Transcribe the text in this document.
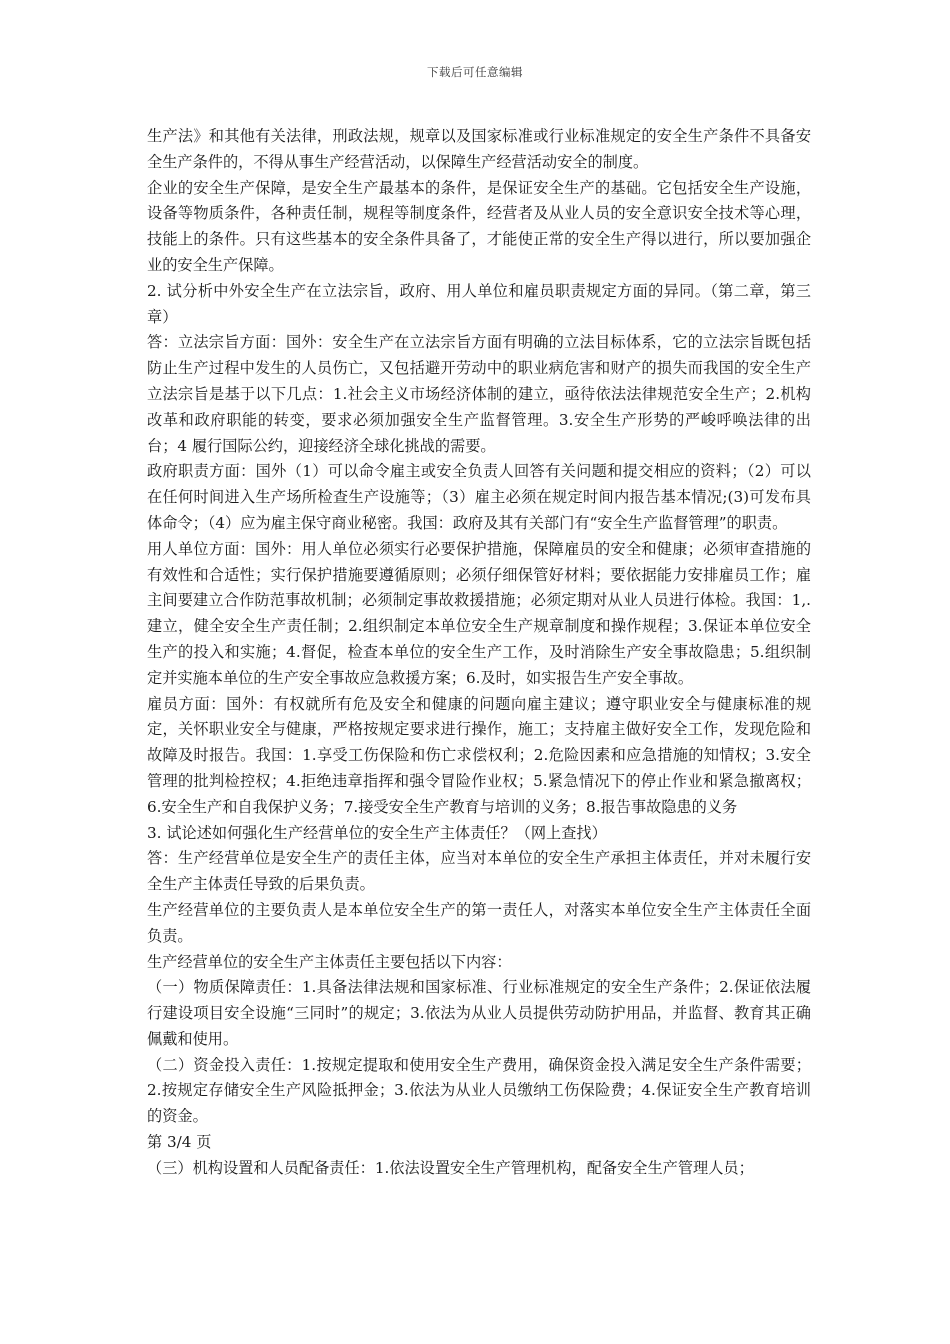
下载后可任意编辑

生产法》和其他有关法律，刑政法规，规章以及国家标准或行业标准规定的安全生产条件不具备安全生产条件的，不得从事生产经营活动，以保障生产经营活动安全的制度。

企业的安全生产保障，是安全生产最基本的条件，是保证安全生产的基础。它包括安全生产设施，设备等物质条件，各种责任制，规程等制度条件，经营者及从业人员的安全意识安全技术等心理，技能上的条件。只有这些基本的安全条件具备了，才能使正常的安全生产得以进行，所以要加强企业的安全生产保障。

2. 试分析中外安全生产在立法宗旨，政府、用人单位和雇员职责规定方面的异同。（第二章，第三章）

答：立法宗旨方面：国外：安全生产在立法宗旨方面有明确的立法目标体系，它的立法宗旨既包括防止生产过程中发生的人员伤亡，又包括避开劳动中的职业病危害和财产的损失而我国的安全生产立法宗旨是基于以下几点：1.社会主义市场经济体制的建立，亟待依法法律规范安全生产；2.机构改革和政府职能的转变，要求必须加强安全生产监督管理。3.安全生产形势的严峻呼唤法律的出台；4 履行国际公约，迎接经济全球化挑战的需要。

政府职责方面：国外（1）可以命令雇主或安全负责人回答有关问题和提交相应的资料；（2）可以在任何时间进入生产场所检查生产设施等；（3）雇主必须在规定时间内报告基本情况;(3)可发布具体命令；（4）应为雇主保守商业秘密。我国：政府及其有关部门有“安全生产监督管理”的职责。

用人单位方面：国外：用人单位必须实行必要保护措施，保障雇员的安全和健康；必须审查措施的有效性和合适性；实行保护措施要遵循原则；必须仔细保管好材料；要依据能力安排雇员工作；雇主间要建立合作防范事故机制；必须制定事故救援措施；必须定期对从业人员进行体检。我国：1,.建立，健全安全生产责任制；2.组织制定本单位安全生产规章制度和操作规程；3.保证本单位安全生产的投入和实施；4.督促，检查本单位的安全生产工作，及时消除生产安全事故隐患；5.组织制定并实施本单位的生产安全事故应急救援方案；6.及时，如实报告生产安全事故。

雇员方面：国外：有权就所有危及安全和健康的问题向雇主建议；遵守职业安全与健康标准的规定，关怀职业安全与健康，严格按规定要求进行操作，施工；支持雇主做好安全工作，发现危险和故障及时报告。我国：1.享受工伤保险和伤亡求偿权利；2.危险因素和应急措施的知情权；3.安全管理的批判检控权；4.拒绝违章指挥和强令冒险作业权；5.紧急情况下的停止作业和紧急撤离权；6.安全生产和自我保护义务；7.接受安全生产教育与培训的义务；8.报告事故隐患的义务

3. 试论述如何强化生产经营单位的安全生产主体责任？（网上查找）

答：生产经营单位是安全生产的责任主体，应当对本单位的安全生产承担主体责任，并对未履行安全生产主体责任导致的后果负责。

生产经营单位的主要负责人是本单位安全生产的第一责任人，对落实本单位安全生产主体责任全面负责。

生产经营单位的安全生产主体责任主要包括以下内容：

（一）物质保障责任：1.具备法律法规和国家标准、行业标准规定的安全生产条件；2.保证依法履行建设项目安全设施“三同时”的规定；3.依法为从业人员提供劳动防护用品，并监督、教育其正确佩戴和使用。

（二）资金投入责任：1.按规定提取和使用安全生产费用，确保资金投入满足安全生产条件需要；2.按规定存储安全生产风险抵押金；3.依法为从业人员缴纳工伤保险费；4.保证安全生产教育培训的资金。

第 3/4 页

（三）机构设置和人员配备责任：1.依法设置安全生产管理机构，配备安全生产管理人员；
